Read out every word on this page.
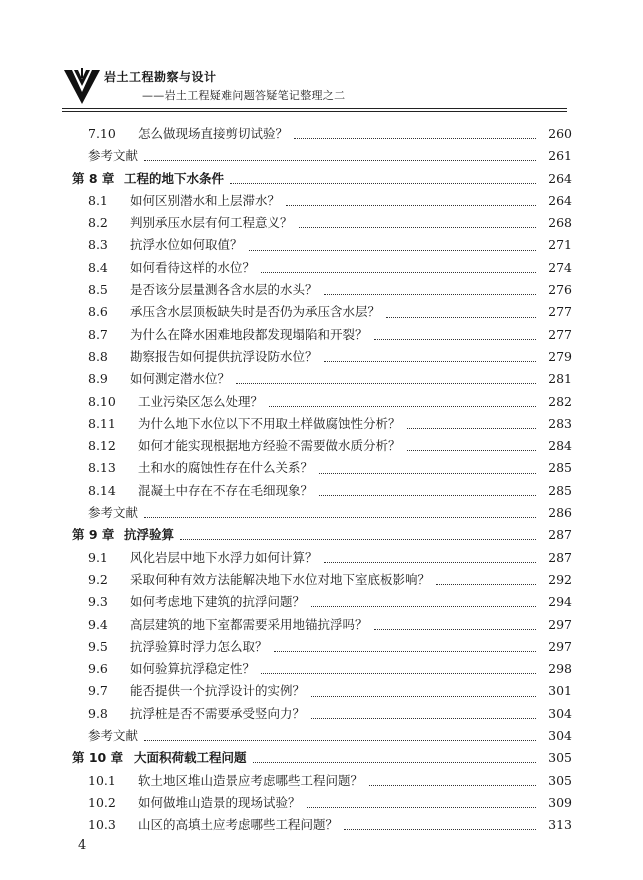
岩土工程勘察与设计
——岩土工程疑难问题答疑笔记整理之二
7.10	怎么做现场直接剪切试验？	260
参考文献	261
第 8 章 工程的地下水条件	264
8.1	如何区别潜水和上层滞水？	264
8.2	判别承压水层有何工程意义？	268
8.3	抗浮水位如何取值？	271
8.4	如何看待这样的水位？	274
8.5	是否该分层量测各含水层的水头？	276
8.6	承压含水层顶板缺失时是否仍为承压含水层？	277
8.7	为什么在降水困难地段都发现塌陷和开裂？	277
8.8	勘察报告如何提供抗浮设防水位？	279
8.9	如何测定潜水位？	281
8.10	工业污染区怎么处理？	282
8.11	为什么地下水位以下不用取土样做腐蚀性分析？	283
8.12	如何才能实现根据地方经验不需要做水质分析？	284
8.13	土和水的腐蚀性存在什么关系？	285
8.14	混凝土中存在不存在毛细现象？	285
参考文献	286
第 9 章 抗浮验算	287
9.1	风化岩层中地下水浮力如何计算？	287
9.2	采取何种有效方法能解决地下水位对地下室底板影响？	292
9.3	如何考虑地下建筑的抗浮问题？	294
9.4	高层建筑的地下室都需要采用地锚抗浮吗？	297
9.5	抗浮验算时浮力怎么取？	297
9.6	如何验算抗浮稳定性？	298
9.7	能否提供一个抗浮设计的实例？	301
9.8	抗浮桩是否不需要承受竖向力？	304
参考文献	304
第 10 章 大面积荷载工程问题	305
10.1	软土地区堆山造景应考虑哪些工程问题？	305
10.2	如何做堆山造景的现场试验？	309
10.3	山区的高填土应考虑哪些工程问题？	313
4
